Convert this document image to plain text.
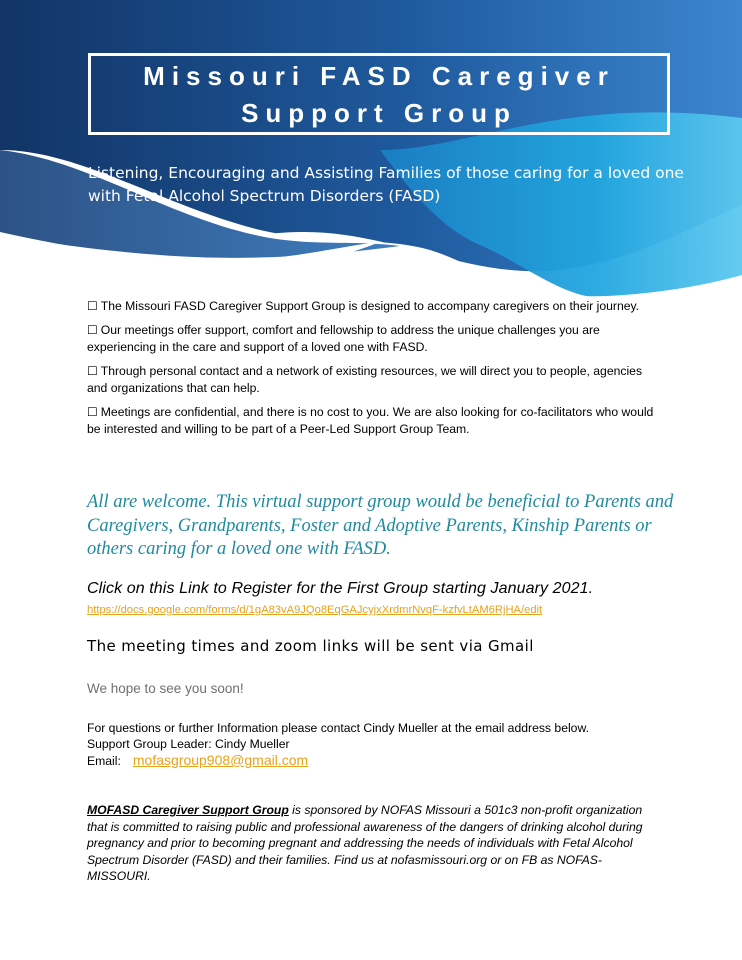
Missouri FASD Caregiver
Support Group
Listening, Encouraging and Assisting Families of those caring for a loved one with Fetal Alcohol Spectrum Disorders (FASD)

☐ The Missouri FASD Caregiver Support Group is designed to accompany caregivers on their journey.

☐ Our meetings offer support, comfort and fellowship to address the unique challenges you are experiencing in the care and support of a loved one with FASD.

☐ Through personal contact and a network of existing resources, we will direct you to people, agencies and organizations that can help.

☐ Meetings are confidential, and there is no cost to you. We are also looking for co-facilitators who would be interested and willing to be part of a Peer-Led Support Group Team.

All are welcome. This virtual support group would be beneficial to Parents and Caregivers, Grandparents, Foster and Adoptive Parents, Kinship Parents or others caring for a loved one with FASD.
Click on this Link to Register for the First Group starting January 2021.
https://docs.google.com/forms/d/1gA83vA9JQo8EqGAJcyjxXrdmrNvqF-kzfvLtAM6RjHA/edit
The meeting times and zoom links will be sent via Gmail
We hope to see you soon!
For questions or further Information please contact Cindy Mueller at the email address below.
Support Group Leader: Cindy Mueller
Email: mofasgroup908@gmail.com
MOFASD Caregiver Support Group is sponsored by NOFAS Missouri a 501c3 non-profit organization that is committed to raising public and professional awareness of the dangers of drinking alcohol during pregnancy and prior to becoming pregnant and addressing the needs of individuals with Fetal Alcohol Spectrum Disorder (FASD) and their families. Find us at nofasmissouri.org or on FB as NOFAS-MISSOURI.
